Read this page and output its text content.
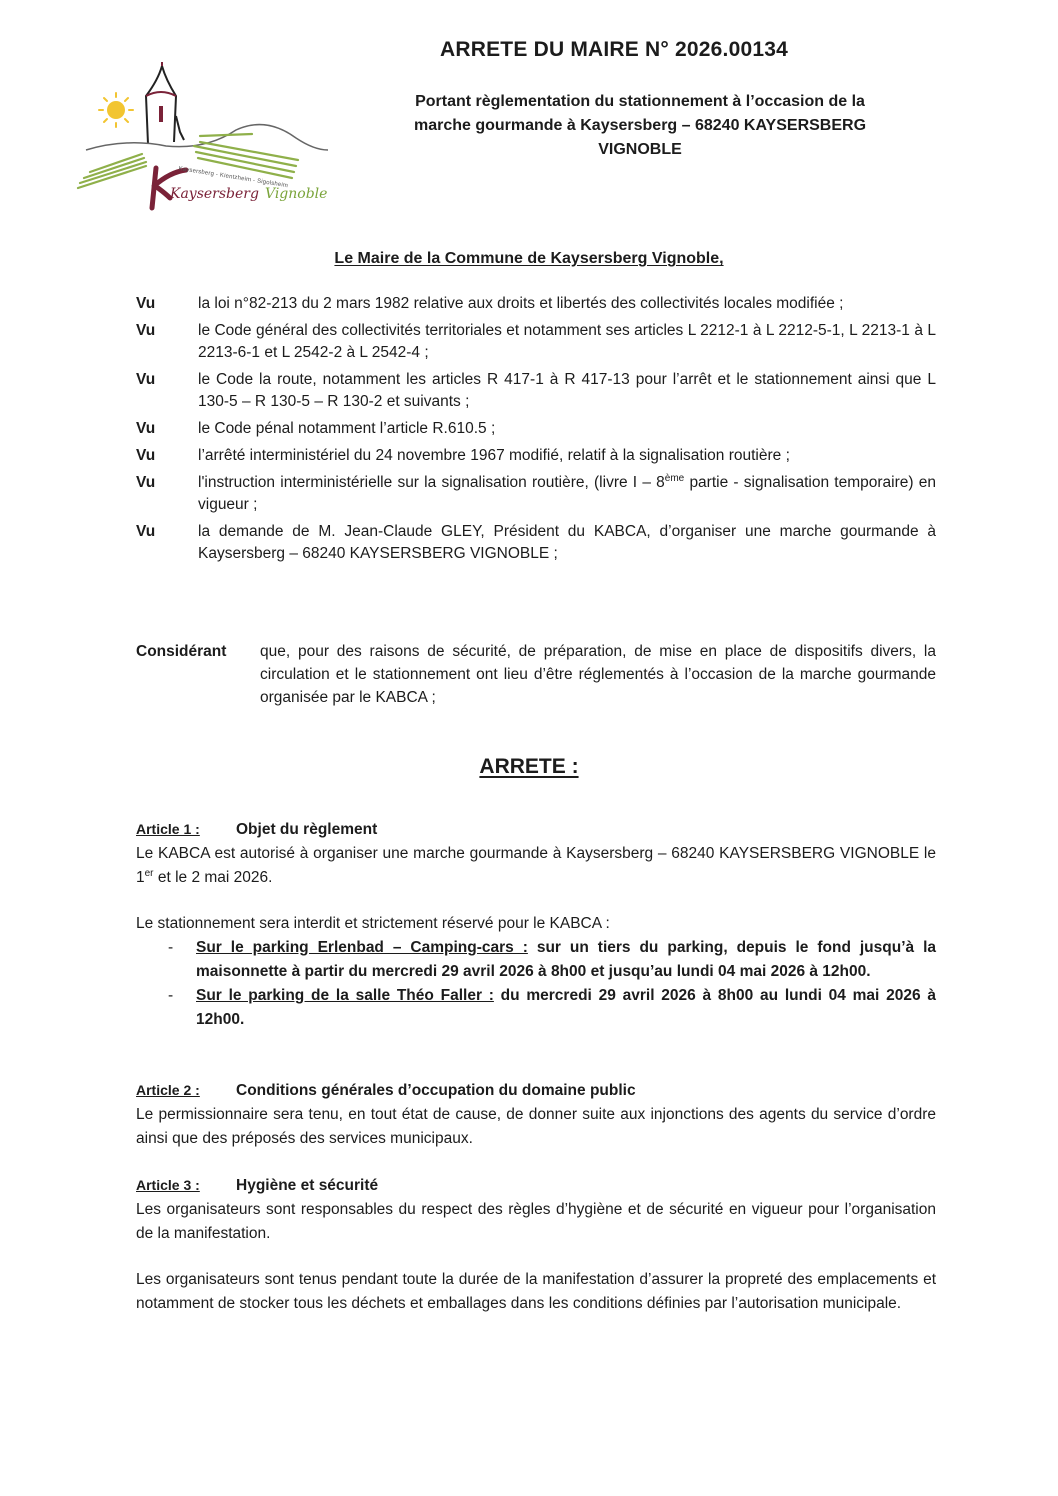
Kaysersberg - Kientzheim - Sigolsheim
Kaysersberg Vignoble
ARRETE DU MAIRE N° 2026.00134
Portant règlementation du stationnement à l’occasion de la
marche gourmande à Kaysersberg – 68240 KAYSERSBERG
VIGNOBLE
Le Maire de la Commune de Kaysersberg Vignoble,
Vu	la loi n°82-213 du 2 mars 1982 relative aux droits et libertés des collectivités locales modifiée ;
Vu	le Code général des collectivités territoriales et notamment ses articles L 2212-1 à L 2212-5-1, L 2213-1 à L 2213-6-1 et L 2542-2 à L 2542-4 ;
Vu	le Code la route, notamment les articles R 417-1 à R 417-13 pour l’arrêt et le stationnement ainsi que L 130-5 – R 130-5 – R 130-2 et suivants ;
Vu	le Code pénal notamment l’article R.610.5 ;
Vu	l’arrêté interministériel du 24 novembre 1967 modifié, relatif à la signalisation routière ;
Vu	l'instruction interministérielle sur la signalisation routière, (livre I – 8ème partie - signalisation temporaire) en vigueur ;
Vu	la demande de M. Jean-Claude GLEY, Président du KABCA, d’organiser une marche gourmande à Kaysersberg – 68240 KAYSERSBERG VIGNOBLE ;
Considérant	que, pour des raisons de sécurité, de préparation, de mise en place de dispositifs divers, la circulation et le stationnement ont lieu d’être réglementés à l’occasion de la marche gourmande organisée par le KABCA ;
ARRETE :
Article 1 :	Objet du règlement

Le KABCA est autorisé à organiser une marche gourmande à Kaysersberg – 68240 KAYSERSBERG VIGNOBLE le 1er et le 2 mai 2026.

Le stationnement sera interdit et strictement réservé pour le KABCA :

-	Sur le parking Erlenbad – Camping-cars : sur un tiers du parking, depuis le fond jusqu’à la maisonnette à partir du mercredi 29 avril 2026 à 8h00 et jusqu’au lundi 04 mai 2026 à 12h00.
-	Sur le parking de la salle Théo Faller : du mercredi 29 avril 2026 à 8h00 au lundi 04 mai 2026 à 12h00.
Article 2 :	Conditions générales d’occupation du domaine public

Le permissionnaire sera tenu, en tout état de cause, de donner suite aux injonctions des agents du service d’ordre ainsi que des préposés des services municipaux.

Article 3 :	Hygiène et sécurité

Les organisateurs sont responsables du respect des règles d’hygiène et de sécurité en vigueur pour l’organisation de la manifestation.

Les organisateurs sont tenus pendant toute la durée de la manifestation d’assurer la propreté des emplacements et notamment de stocker tous les déchets et emballages dans les conditions définies par l’autorisation municipale.
